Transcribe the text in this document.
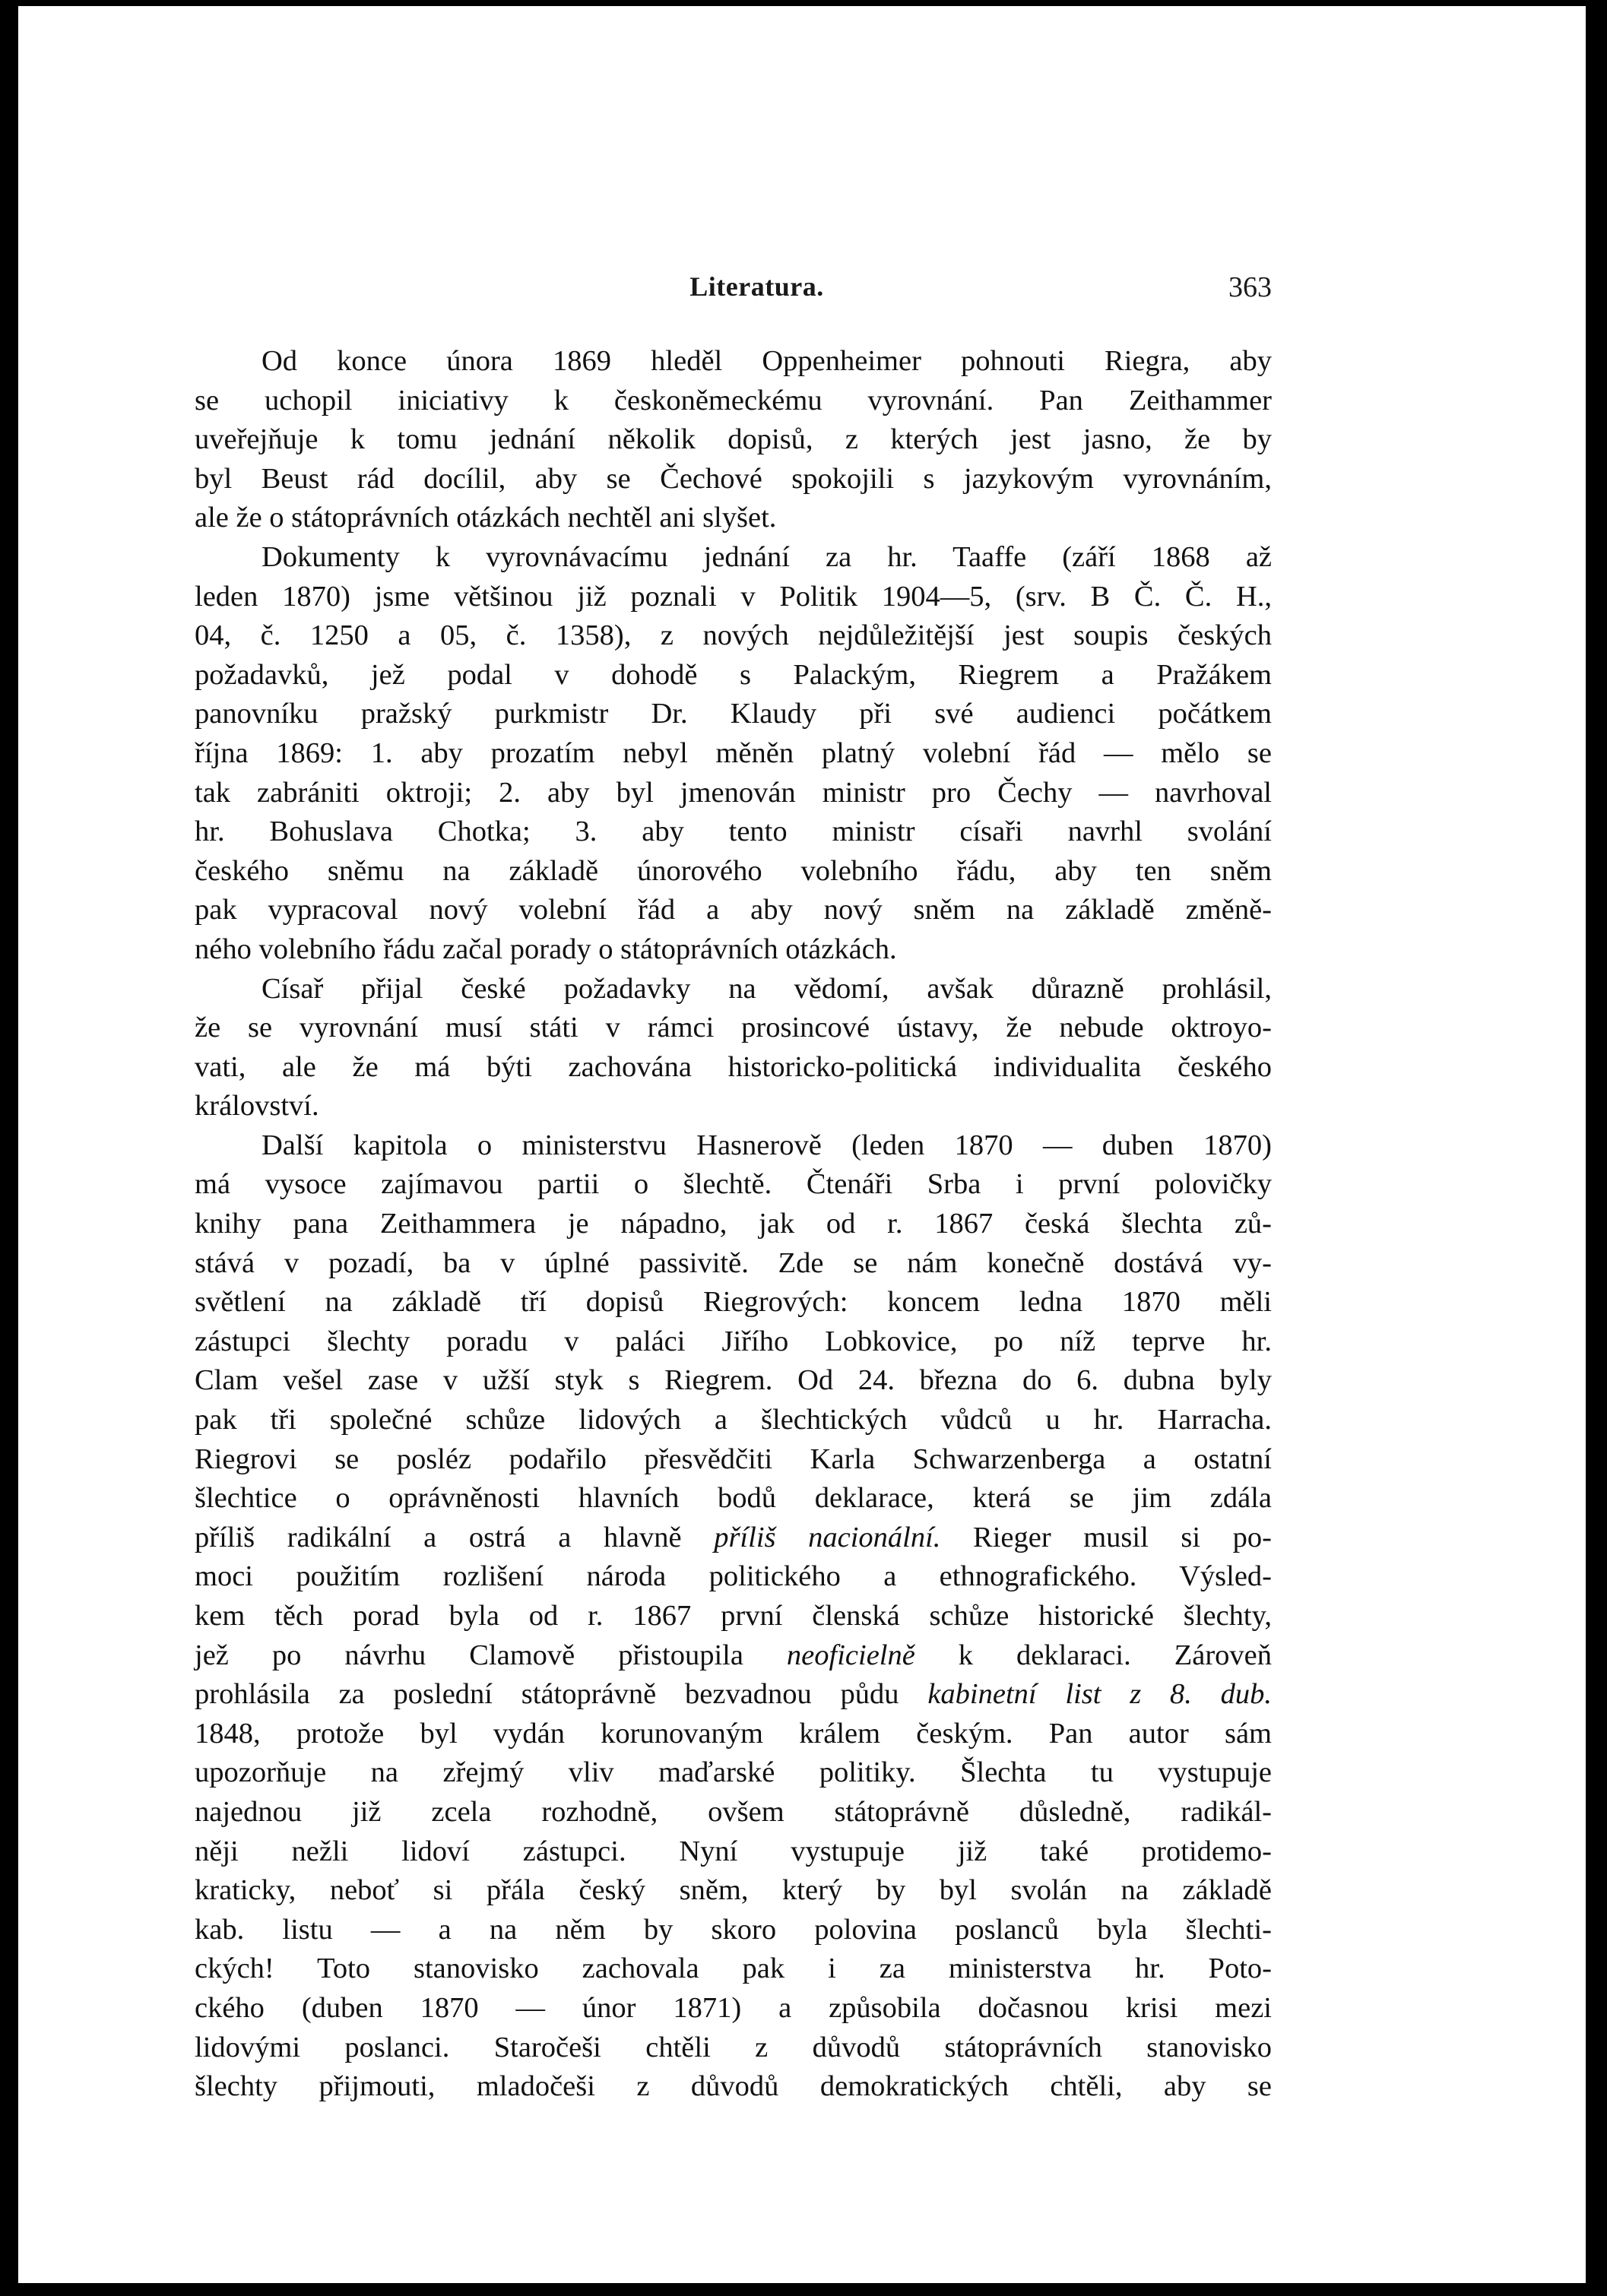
Literatura.	363
Od konce února 1869 hleděl Oppenheimer pohnouti Riegra, aby
se uchopil iniciativy k českoněmeckému vyrovnání. Pan Zeithammer
uveřejňuje k tomu jednání několik dopisů, z kterých jest jasno, že by
byl Beust rád docílil, aby se Čechové spokojili s jazykovým vyrovnáním,
ale že o státoprávních otázkách nechtěl ani slyšet.
Dokumenty k vyrovnávacímu jednání za hr. Taaffe (září 1868 až
leden 1870) jsme většinou již poznali v Politik 1904—5, (srv. B Č. Č. H.,
04, č. 1250 a 05, č. 1358), z nových nejdůležitější jest soupis českých
požadavků, jež podal v dohodě s Palackým, Riegrem a Pražákem
panovníku pražský purkmistr Dr. Klaudy při své audienci počátkem
října 1869: 1. aby prozatím nebyl měněn platný volební řád — mělo se
tak zabrániti oktroji; 2. aby byl jmenován ministr pro Čechy — navrhoval
hr. Bohuslava Chotka; 3. aby tento ministr císaři navrhl svolání
českého sněmu na základě únorového volebního řádu, aby ten sněm
pak vypracoval nový volební řád a aby nový sněm na základě změně-
ného volebního řádu začal porady o státoprávních otázkách.
Císař přijal české požadavky na vědomí, avšak důrazně prohlásil,
že se vyrovnání musí státi v rámci prosincové ústavy, že nebude oktroyo-
vati, ale že má býti zachována historicko-politická individualita českého
království.
Další kapitola o ministerstvu Hasnerově (leden 1870 — duben 1870)
má vysoce zajímavou partii o šlechtě. Čtenáři Srba i první polovičky
knihy pana Zeithammera je nápadno, jak od r. 1867 česká šlechta zů-
stává v pozadí, ba v úplné passivitě. Zde se nám konečně dostává vy-
světlení na základě tří dopisů Riegrových: koncem ledna 1870 měli
zástupci šlechty poradu v paláci Jiřího Lobkovice, po níž teprve hr.
Clam vešel zase v užší styk s Riegrem. Od 24. března do 6. dubna byly
pak tři společné schůze lidových a šlechtických vůdců u hr. Harracha.
Riegrovi se posléz podařilo přesvědčiti Karla Schwarzenberga a ostatní
šlechtice o oprávněnosti hlavních bodů deklarace, která se jim zdála
příliš radikální a ostrá a hlavně příliš nacionální. Rieger musil si po-
moci použitím rozlišení národa politického a ethnografického. Výsled-
kem těch porad byla od r. 1867 první členská schůze historické šlechty,
jež po návrhu Clamově přistoupila neoficielně k deklaraci. Zároveň
prohlásila za poslední státoprávně bezvadnou půdu kabinetní list z 8. dub.
1848, protože byl vydán korunovaným králem českým. Pan autor sám
upozorňuje na zřejmý vliv maďarské politiky. Šlechta tu vystupuje
najednou již zcela rozhodně, ovšem státoprávně důsledně, radikál-
něji nežli lidoví zástupci. Nyní vystupuje již také protidemo-
kraticky, neboť si přála český sněm, který by byl svolán na základě
kab. listu — a na něm by skoro polovina poslanců byla šlechti-
ckých! Toto stanovisko zachovala pak i za ministerstva hr. Poto-
ckého (duben 1870 — únor 1871) a způsobila dočasnou krisi mezi
lidovými poslanci. Staročeši chtěli z důvodů státoprávních stanovisko
šlechty přijmouti, mladočeši z důvodů demokratických chtěli, aby se
